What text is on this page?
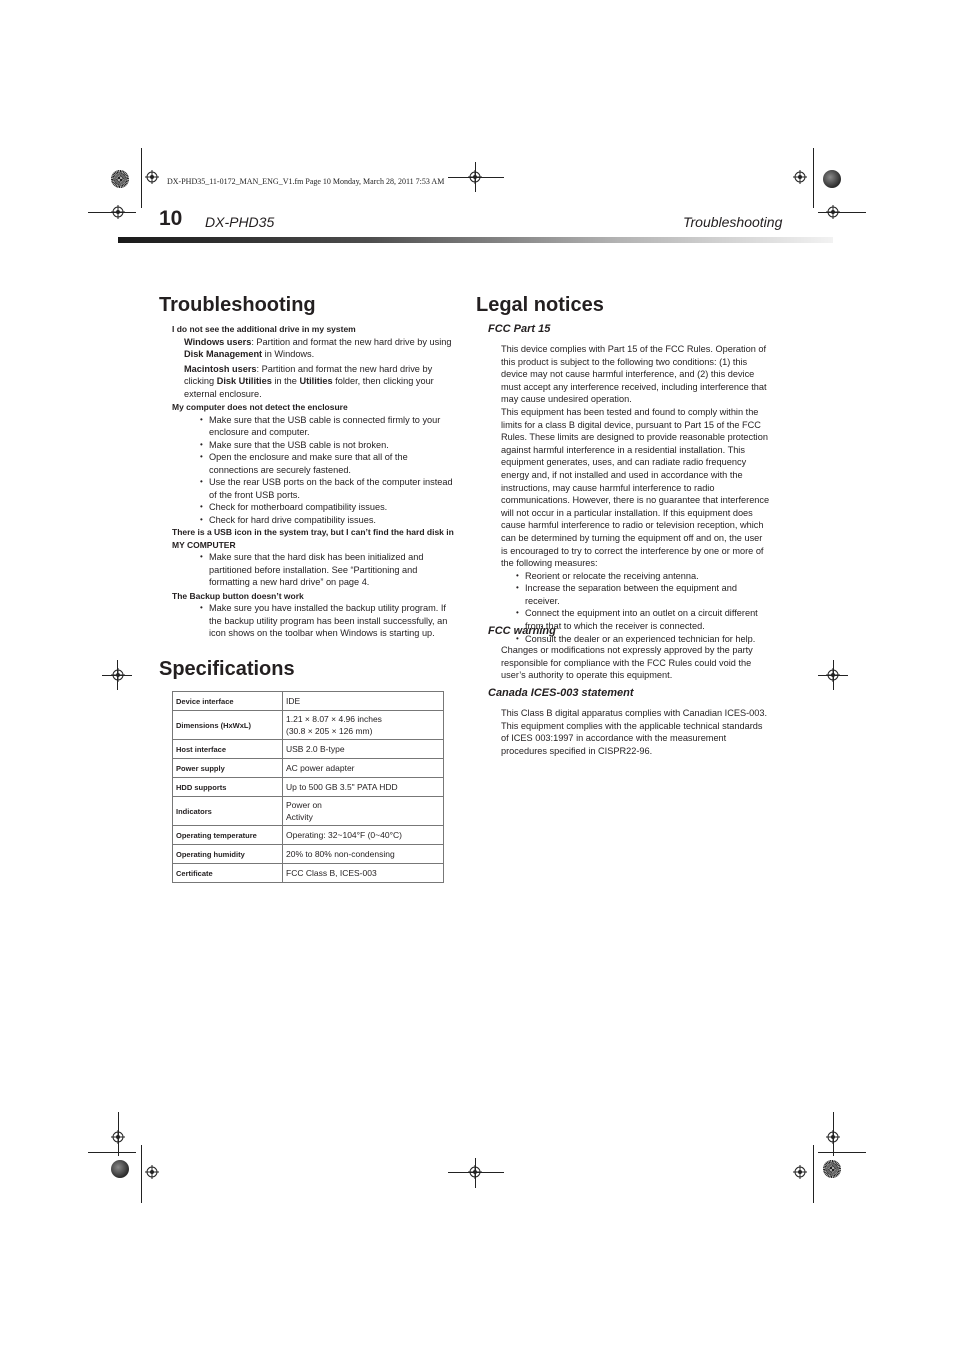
DX-PHD35_11-0172_MAN_ENG_V1.fm Page 10 Monday, March 28, 2011 7:53 AM
10 DX-PHD35	Troubleshooting
Troubleshooting

I do not see the additional drive in my system

Windows users: Partition and format the new hard drive by using Disk Management in Windows.

Macintosh users: Partition and format the new hard drive by clicking Disk Utilities in the Utilities folder, then clicking your external enclosure.

My computer does not detect the enclosure

• Make sure that the USB cable is connected firmly to your enclosure and computer.
• Make sure that the USB cable is not broken.
• Open the enclosure and make sure that all of the connections are securely fastened.
• Use the rear USB ports on the back of the computer instead of the front USB ports.
• Check for motherboard compatibility issues.
• Check for hard drive compatibility issues.

There is a USB icon in the system tray, but I can’t find the hard disk in MY COMPUTER

• Make sure that the hard disk has been initialized and partitioned before installation. See “Partitioning and formatting a new hard drive” on page 4.

The Backup button doesn’t work

• Make sure you have installed the backup utility program. If the backup utility program has been install successfully, an icon shows on the toolbar when Windows is starting up.
Specifications
Device interface	IDE
Dimensions (HxWxL)	1.21 × 8.07 × 4.96 inches
(30.8 × 205 × 126 mm)
Host interface	USB 2.0 B-type
Power supply	AC power adapter
HDD supports	Up to 500 GB 3.5" PATA HDD
Indicators	Power on
Activity
Operating temperature	Operating: 32~104°F (0~40°C)
Operating humidity	20% to 80% non-condensing
Certificate	FCC Class B, ICES-003
Legal notices
FCC Part 15

This device complies with Part 15 of the FCC Rules. Operation of this product is subject to the following two conditions: (1) this device may not cause harmful interference, and (2) this device must accept any interference received, including interference that may cause undesired operation.

This equipment has been tested and found to comply within the limits for a class B digital device, pursuant to Part 15 of the FCC Rules. These limits are designed to provide reasonable protection against harmful interference in a residential installation. This equipment generates, uses, and can radiate radio frequency energy and, if not installed and used in accordance with the instructions, may cause harmful interference to radio communications. However, there is no guarantee that interference will not occur in a particular installation. If this equipment does cause harmful interference to radio or television reception, which can be determined by turning the equipment off and on, the user is encouraged to try to correct the interference by one or more of the following measures:

• Reorient or relocate the receiving antenna.
• Increase the separation between the equipment and receiver.
• Connect the equipment into an outlet on a circuit different from that to which the receiver is connected.
• Consult the dealer or an experienced technician for help.
FCC warning

Changes or modifications not expressly approved by the party responsible for compliance with the FCC Rules could void the user’s authority to operate this equipment.

Canada ICES-003 statement

This Class B digital apparatus complies with Canadian ICES-003.

This equipment complies with the applicable technical standards of ICES 003:1997 in accordance with the measurement procedures specified in CISPR22-96.
